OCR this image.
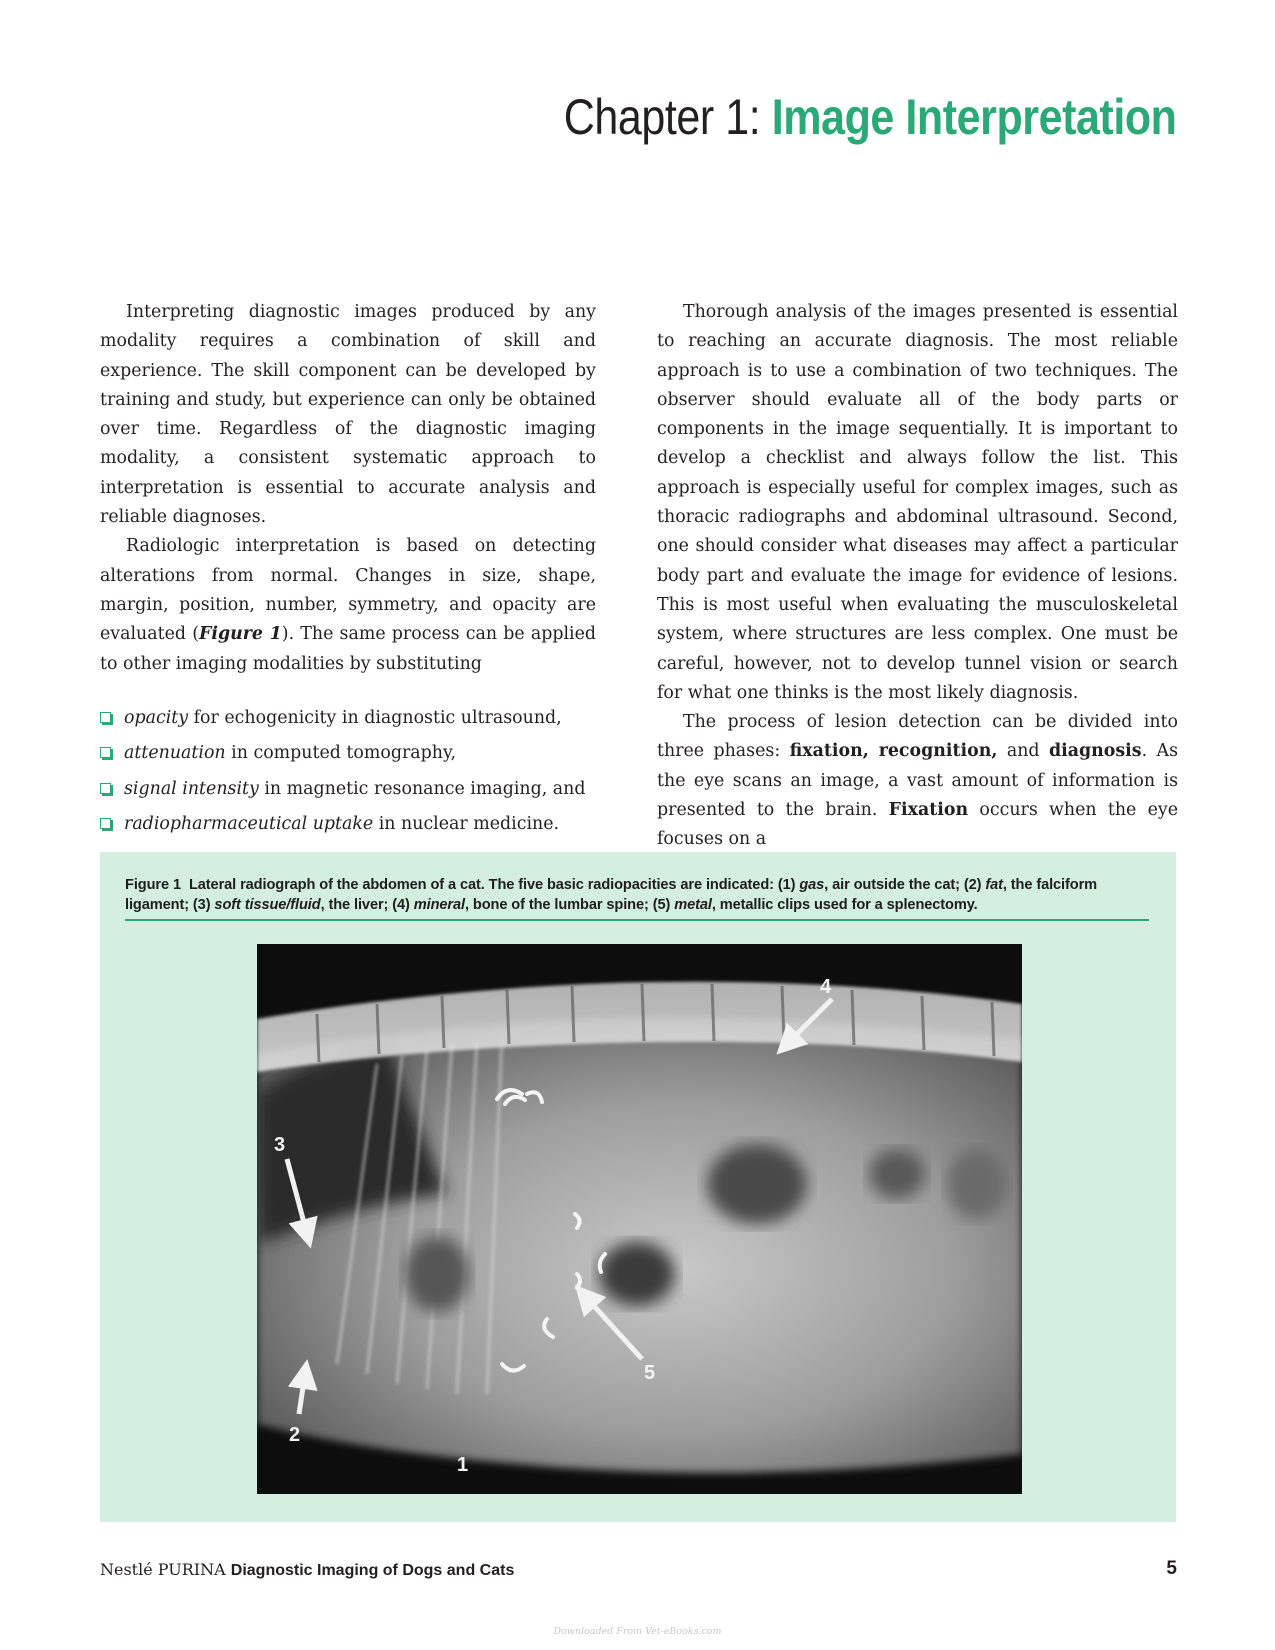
Chapter 1: Image Interpretation

Interpreting diagnostic images produced by any modality requires a combination of skill and experience. The skill component can be developed by training and study, but experience can only be obtained over time. Regardless of the diagnostic imaging modality, a consistent systematic approach to interpretation is essential to accurate analysis and reliable diagnoses.

Radiologic interpretation is based on detecting alterations from normal. Changes in size, shape, margin, position, number, symmetry, and opacity are evaluated (Figure 1). The same process can be applied to other imaging modalities by substituting

opacity for echogenicity in diagnostic ultrasound,
attenuation in computed tomography,
signal intensity in magnetic resonance imaging, and
radiopharmaceutical uptake in nuclear medicine.

Thorough analysis of the images presented is essential to reaching an accurate diagnosis. The most reliable approach is to use a combination of two techniques. The observer should evaluate all of the body parts or components in the image sequentially. It is important to develop a checklist and always follow the list. This approach is especially useful for complex images, such as thoracic radiographs and abdominal ultrasound. Second, one should consider what diseases may affect a particular body part and evaluate the image for evidence of lesions. This is most useful when evaluating the musculoskeletal system, where structures are less complex. One must be careful, however, not to develop tunnel vision or search for what one thinks is the most likely diagnosis.

The process of lesion detection can be divided into three phases: fixation, recognition, and diagnosis. As the eye scans an image, a vast amount of information is presented to the brain. Fixation occurs when the eye focuses on a

Figure 1 Lateral radiograph of the abdomen of a cat. The five basic radiopacities are indicated: (1) gas, air outside the cat; (2) fat, the falciform ligament; (3) soft tissue/fluid, the liver; (4) mineral, bone of the lumbar spine; (5) metal, metallic clips used for a splenectomy.
4
3
5
2
1
Nestlé PURINA Diagnostic Imaging of Dogs and Cats	5
Downloaded From Vet-eBooks.com
